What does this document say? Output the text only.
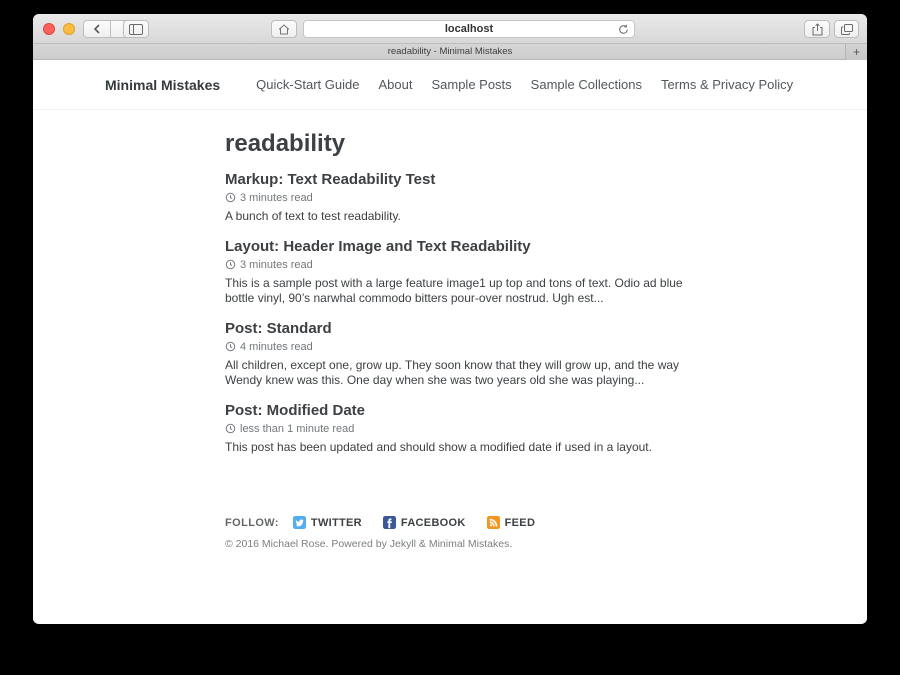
localhost
readability - Minimal Mistakes	+
Minimal Mistakes	Quick-Start Guide About Sample Posts Sample Collections Terms & Privacy Policy
readability
Markup: Text Readability Test
3 minutes read

A bunch of text to test readability.

Layout: Header Image and Text Readability
3 minutes read

This is a sample post with a large feature image1 up top and tons of text. Odio ad blue bottle vinyl, 90’s narwhal commodo bitters pour-over nostrud. Ugh est...

Post: Standard
4 minutes read

All children, except one, grow up. They soon know that they will grow up, and the way Wendy knew was this. One day when she was two years old she was playing...

Post: Modified Date
less than 1 minute read

This post has been updated and should show a modified date if used in a layout.

FOLLOW:	TWITTER	FACEBOOK	FEED
© 2016 Michael Rose. Powered by Jekyll & Minimal Mistakes.
